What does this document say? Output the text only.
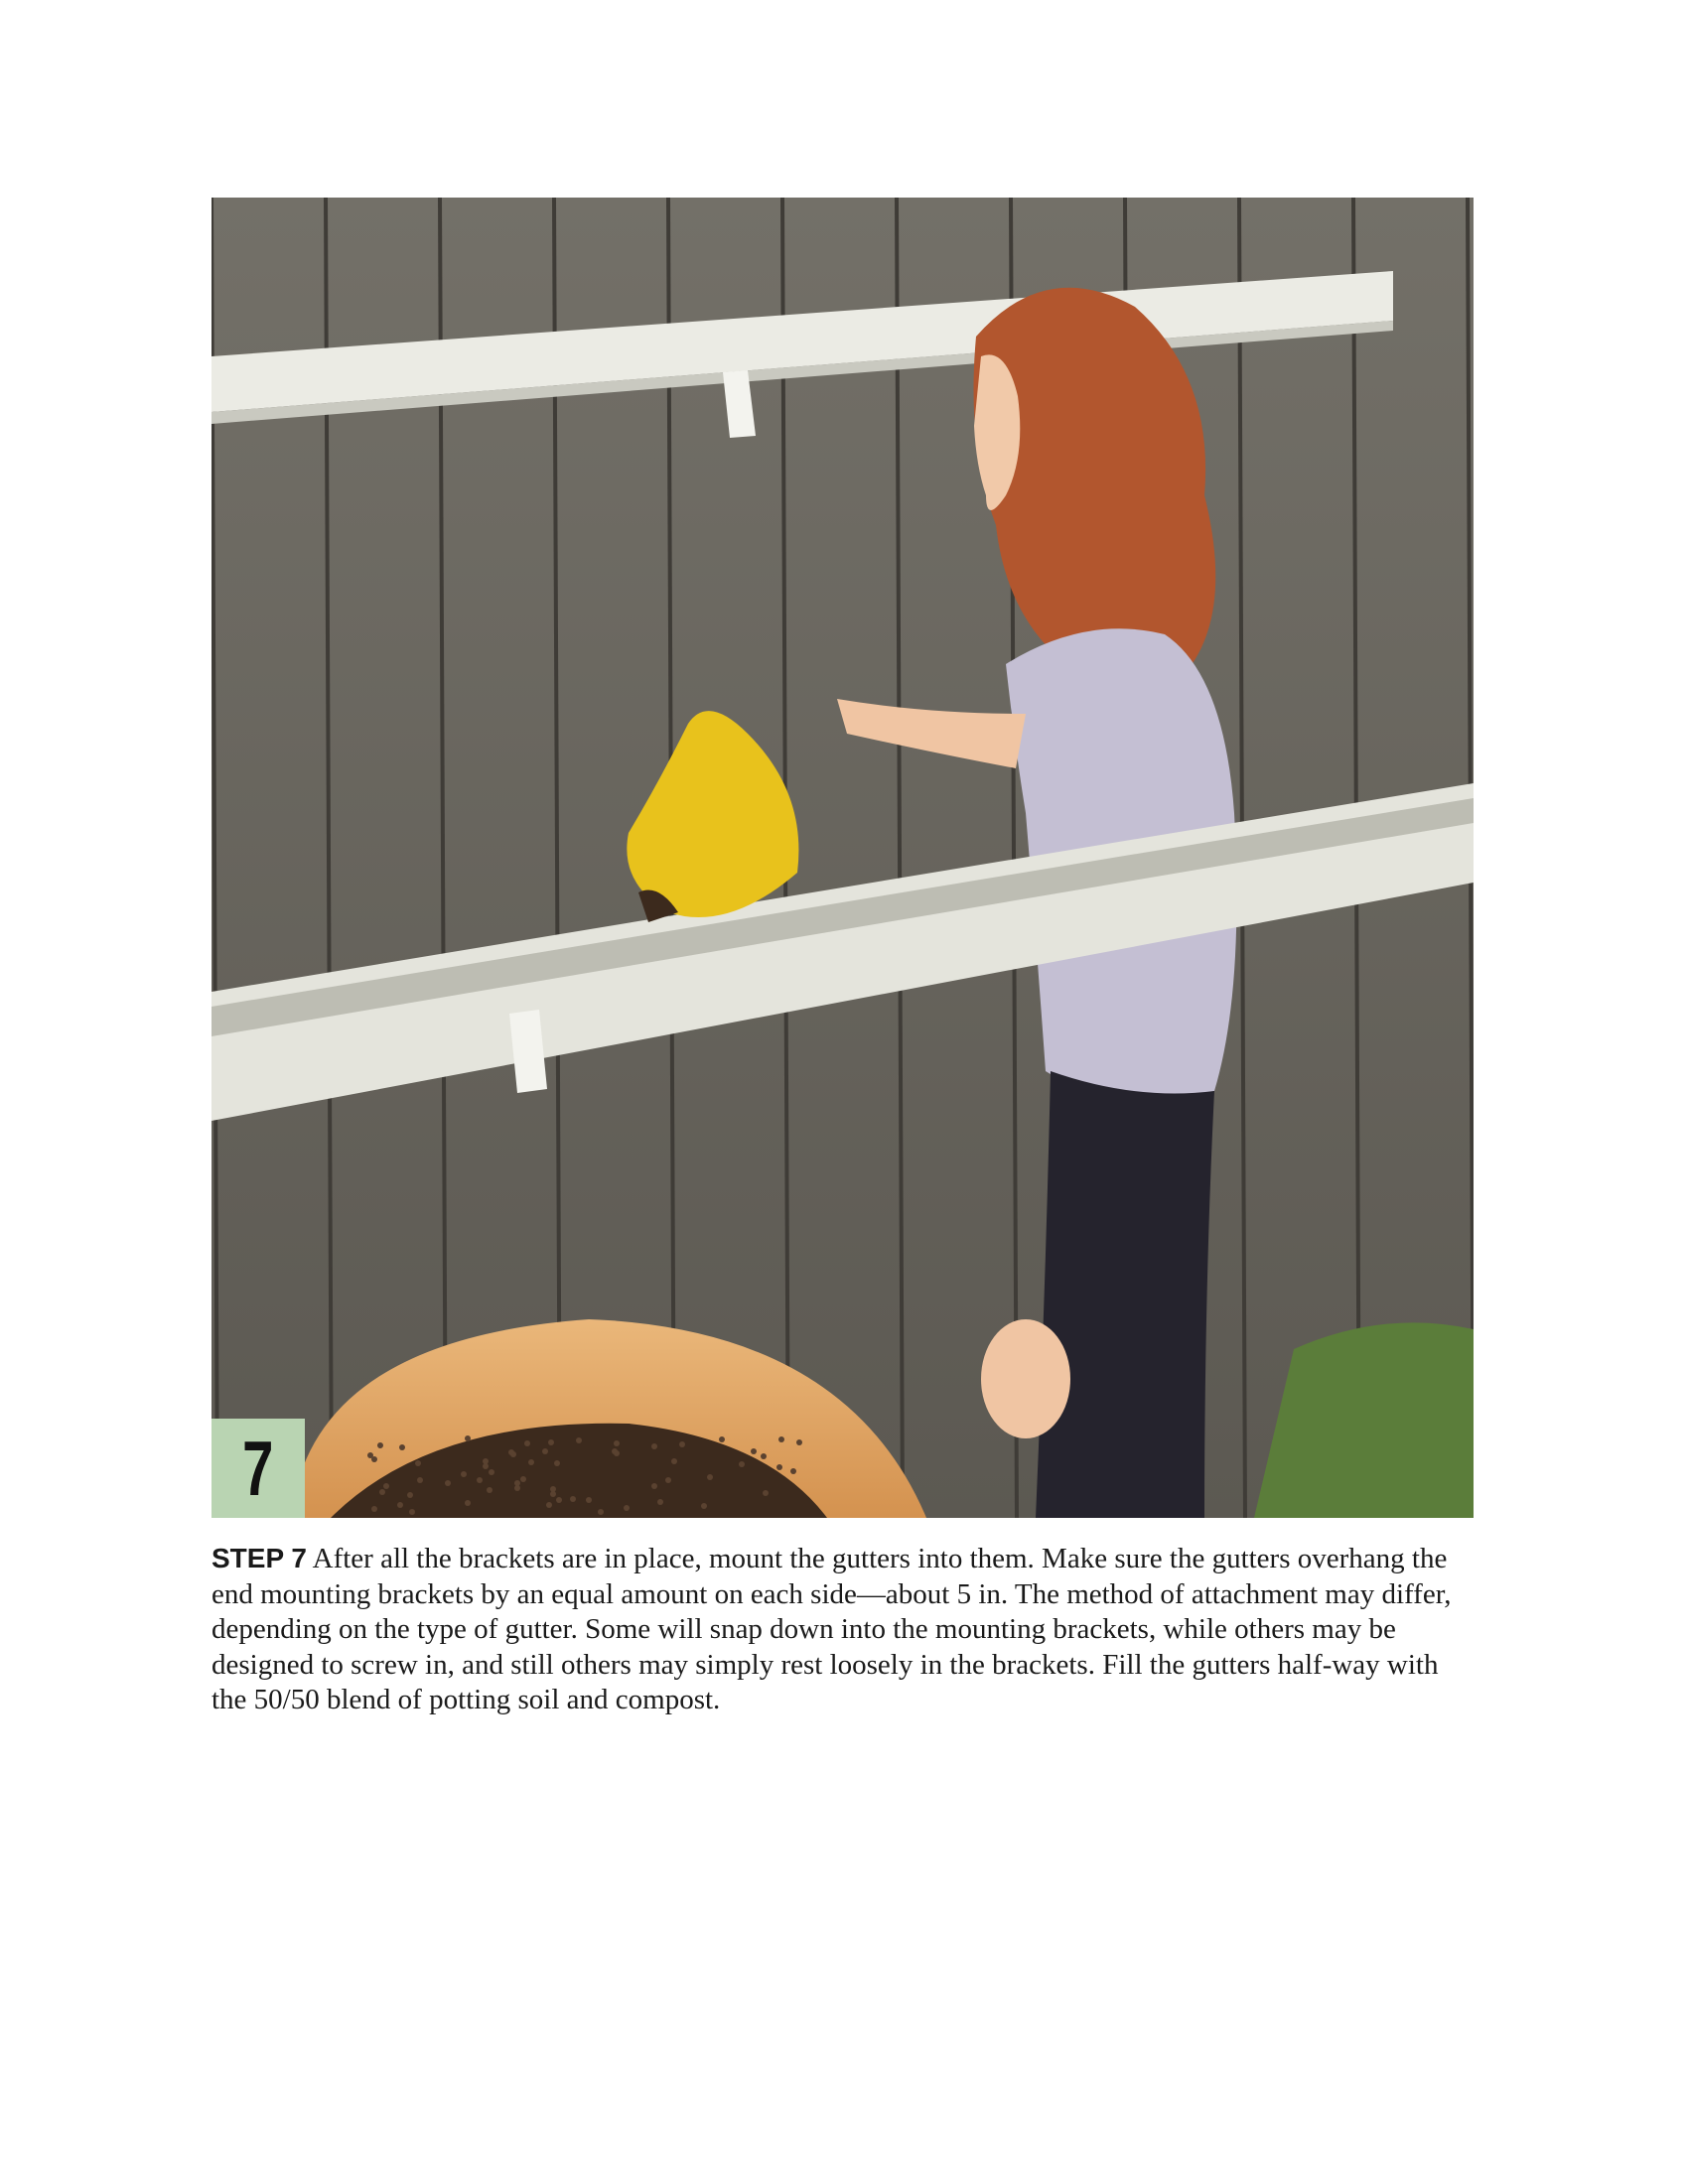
7

STEP 7 After all the brackets are in place, mount the gutters into them. Make sure the gutters overhang the end mounting brackets by an equal amount on each side—about 5 in. The method of attachment may differ, depending on the type of gutter. Some will snap down into the mounting brackets, while others may be designed to screw in, and still others may simply rest loosely in the brackets. Fill the gutters half-way with the 50/50 blend of potting soil and compost.
